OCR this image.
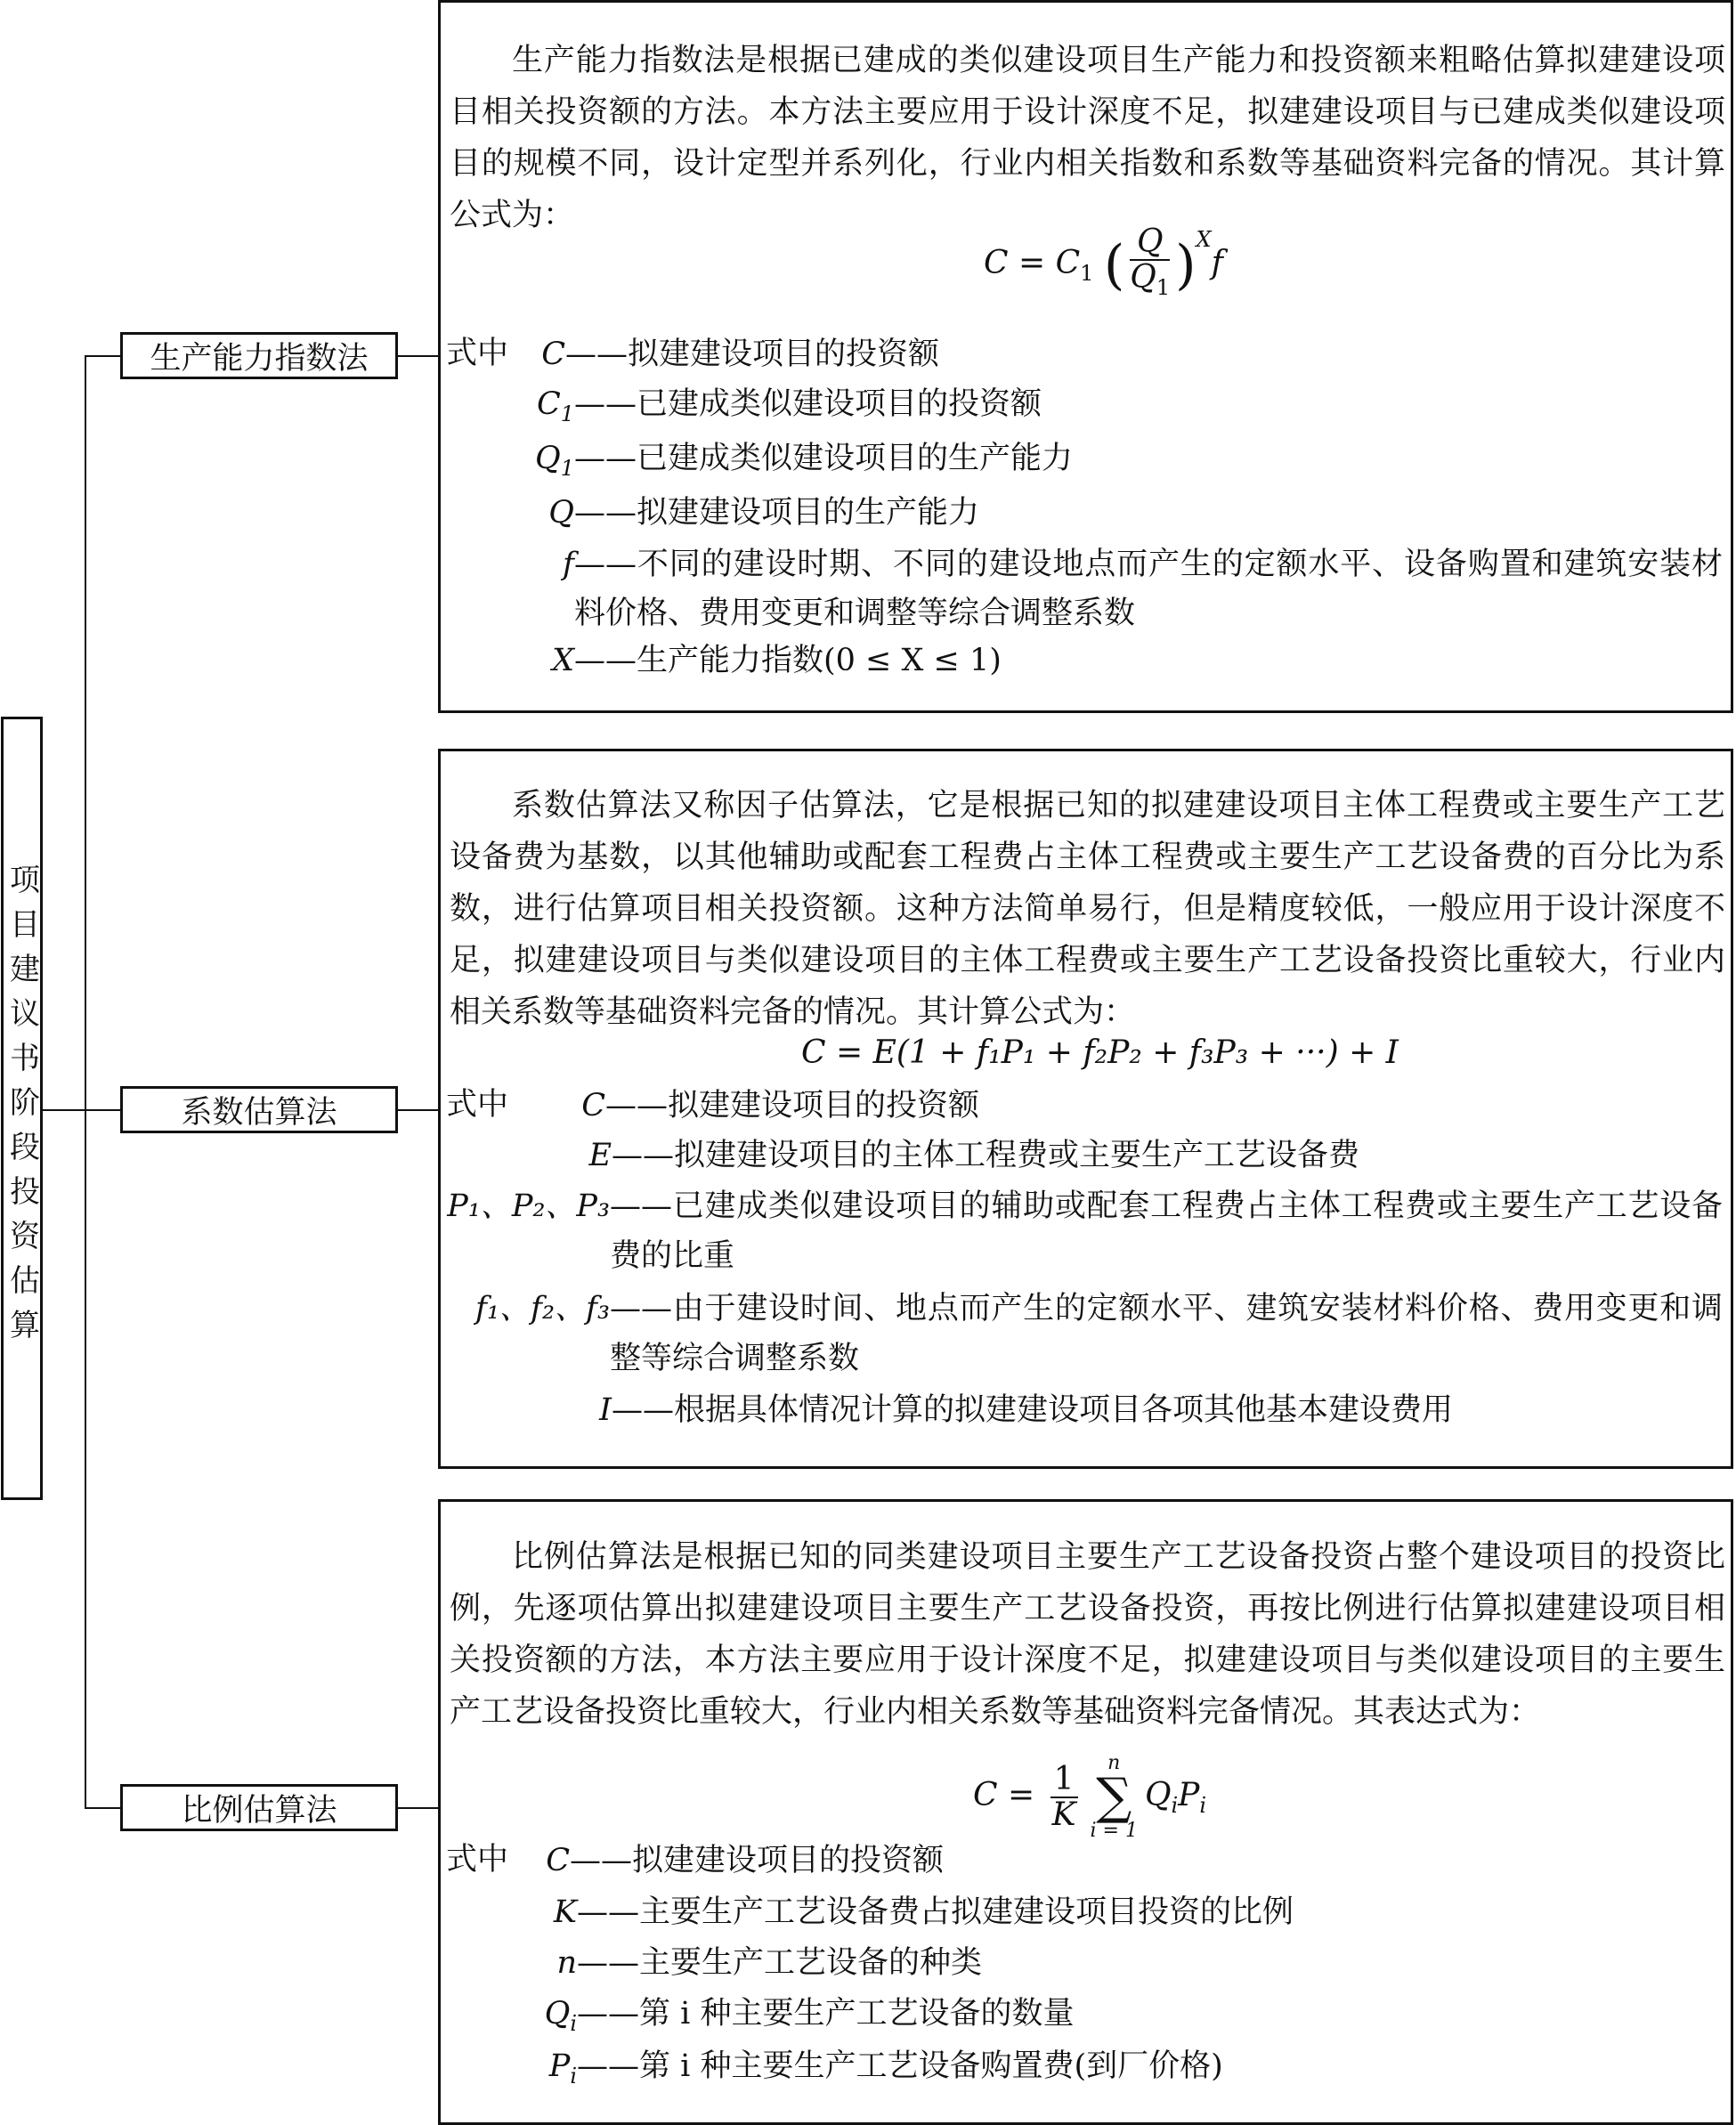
项目建议书阶段投资估算
生产能力指数法
系数估算法
比例估算法
生产能力指数法是根据已建成的类似建设项目生产能力和投资额来粗略估算拟建建设项目相关投资额的方法。本方法主要应用于设计深度不足，拟建建设项目与已建成类似建设项目的规模不同，设计定型并系列化，行业内相关指数和系数等基础资料完备的情况。其计算公式为：
$C = C_1$ ( $\frac{Q}{Q_1} )^Xf$
式中	C ——拟建建设项目的投资额
$C_1$ ——已建成类似建设项目的投资额
$Q_1$ ——已建成类似建设项目的生产能力
Q ——拟建建设项目的生产能力
f ——不同的建设时期、不同的建设地点而产生的定额水平、设备购置和建筑安装材料价格、费用变更和调整等综合调整系数
X ——生产能力指数(0 ≤ X ≤ 1)
系数估算法又称因子估算法，它是根据已知的拟建建设项目主体工程费或主要生产工艺设备费为基数，以其他辅助或配套工程费占主体工程费或主要生产工艺设备费的百分比为系数，进行估算项目相关投资额。这种方法简单易行，但是精度较低，一般应用于设计深度不足，拟建建设项目与类似建设项目的主体工程费或主要生产工艺设备投资比重较大，行业内相关系数等基础资料完备的情况。其计算公式为：
C = E(1 + f₁P₁ + f₂P₂ + f₃P₃ + ···) + I
式中	C ——拟建建设项目的投资额
E ——拟建建设项目的主体工程费或主要生产工艺设备费
P₁、P₂、P₃ ——已建成类似建设项目的辅助或配套工程费占主体工程费或主要生产工艺设备费的比重
f₁、f₂、f₃ ——由于建设时间、地点而产生的定额水平、建筑安装材料价格、费用变更和调整等综合调整系数
I ——根据具体情况计算的拟建建设项目各项其他基本建设费用
比例估算法是根据已知的同类建设项目主要生产工艺设备投资占整个建设项目的投资比例，先逐项估算出拟建建设项目主要生产工艺设备投资，再按比例进行估算拟建建设项目相关投资额的方法，本方法主要应用于设计深度不足，拟建建设项目与类似建设项目的主要生产工艺设备投资比重较大，行业内相关系数等基础资料完备情况。其表达式为：
$C = \frac{1}{K}$ n
∑
$i = 1Q_iP_i$
式中	C ——拟建建设项目的投资额
K ——主要生产工艺设备费占拟建建设项目投资的比例
n ——主要生产工艺设备的种类
$Q_i$ ——第 i 种主要生产工艺设备的数量
$P_i$ ——第 i 种主要生产工艺设备购置费(到厂价格)
